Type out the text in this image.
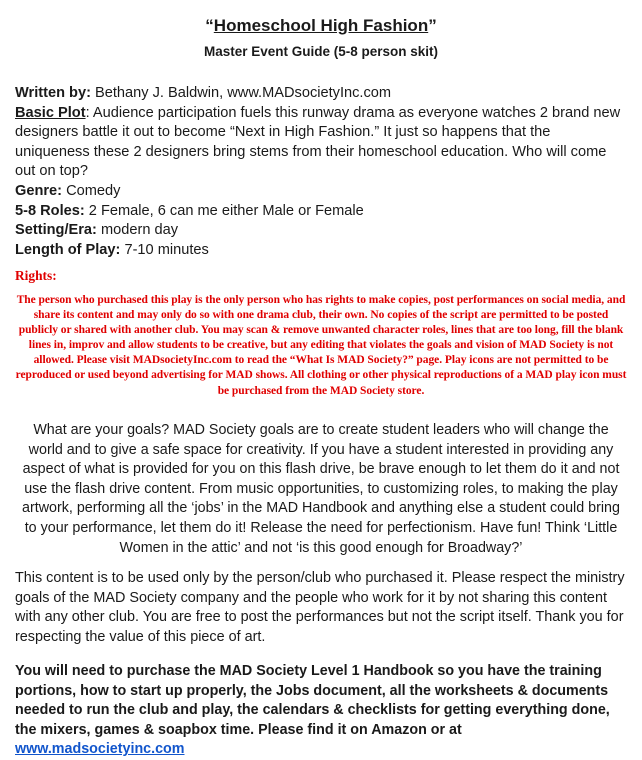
“Homeschool High Fashion”
Master Event Guide (5-8 person skit)

Written by: Bethany J. Baldwin, www.MADsocietyInc.com

Basic Plot: Audience participation fuels this runway drama as everyone watches 2 brand new designers battle it out to become “Next in High Fashion.” It just so happens that the uniqueness these 2 designers bring stems from their homeschool education. Who will come out on top?

Genre: Comedy

5-8 Roles: 2 Female, 6 can me either Male or Female

Setting/Era: modern day

Length of Play: 7-10 minutes

Rights:
The person who purchased this play is the only person who has rights to make copies, post performances on social media, and share its content and may only do so with one drama club, their own. No copies of the script are permitted to be posted publicly or shared with another club. You may scan & remove unwanted character roles, lines that are too long, fill the blank lines in, improv and allow students to be creative, but any editing that violates the goals and vision of MAD Society is not allowed. Please visit MADsocietyInc.com to read the “What Is MAD Society?” page. Play icons are not permitted to be reproduced or used beyond advertising for MAD shows. All clothing or other physical reproductions of a MAD play icon must be purchased from the MAD Society store.
What are your goals? MAD Society goals are to create student leaders who will change the world and to give a safe space for creativity. If you have a student interested in providing any aspect of what is provided for you on this flash drive, be brave enough to let them do it and not use the flash drive content. From music opportunities, to customizing roles, to making the play artwork, performing all the ‘jobs’ in the MAD Handbook and anything else a student could bring to your performance, let them do it! Release the need for perfectionism. Have fun! Think ‘Little Women in the attic’ and not ‘is this good enough for Broadway?’
This content is to be used only by the person/club who purchased it. Please respect the ministry goals of the MAD Society company and the people who work for it by not sharing this content with any other club. You are free to post the performances but not the script itself. Thank you for respecting the value of this piece of art.
You will need to purchase the MAD Society Level 1 Handbook so you have the training portions, how to start up properly, the Jobs document, all the worksheets & documents needed to run the club and play, the calendars & checklists for getting everything done, the mixers, games & soapbox time. Please find it on Amazon or at
www.madsocietyinc.com
